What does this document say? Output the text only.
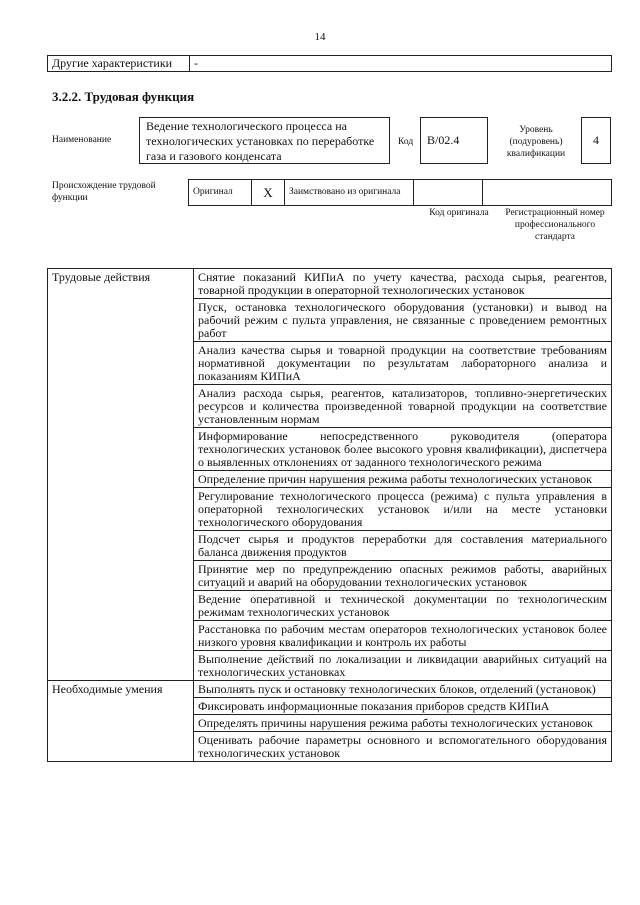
14
Другие характеристики	-
3.2.2. Трудовая функция
Наименование
Ведение технологического процесса на технологических установках по переработке газа и газового конденсата
Код	В/02.4
Уровень (подуровень) квалификации
4
Происхождение трудовой функции
Оригинал	X	Заимствовано из оригинала		
Код оригинала	Регистрационный номер профессионального стандарта
Трудовые действия	Снятие показаний КИПиА по учету качества, расхода сырья, реагентов, товарной продукции в операторной технологических установок
	Пуск, остановка технологического оборудования (установки) и вывод на рабочий режим с пульта управления, не связанные с проведением ремонтных работ
	Анализ качества сырья и товарной продукции на соответствие требованиям нормативной документации по результатам лабораторного анализа и показаниям КИПиА
	Анализ расхода сырья, реагентов, катализаторов, топливно-энергетических ресурсов и количества произведенной товарной продукции на соответствие установленным нормам
	Информирование непосредственного руководителя (оператора технологических установок более высокого уровня квалификации), диспетчера о выявленных отклонениях от заданного технологического режима
	Определение причин нарушения режима работы технологических установок
	Регулирование технологического процесса (режима) с пульта управления в операторной технологических установок и/или на месте установки технологического оборудования
	Подсчет сырья и продуктов переработки для составления материального баланса движения продуктов
	Принятие мер по предупреждению опасных режимов работы, аварийных ситуаций и аварий на оборудовании технологических установок
	Ведение оперативной и технической документации по технологическим режимам технологических установок
	Расстановка по рабочим местам операторов технологических установок более низкого уровня квалификации и контроль их работы
	Выполнение действий по локализации и ликвидации аварийных ситуаций на технологических установках
Необходимые умения	Выполнять пуск и остановку технологических блоков, отделений (установок)
	Фиксировать информационные показания приборов средств КИПиА
	Определять причины нарушения режима работы технологических установок
	Оценивать рабочие параметры основного и вспомогательного оборудования технологических установок
